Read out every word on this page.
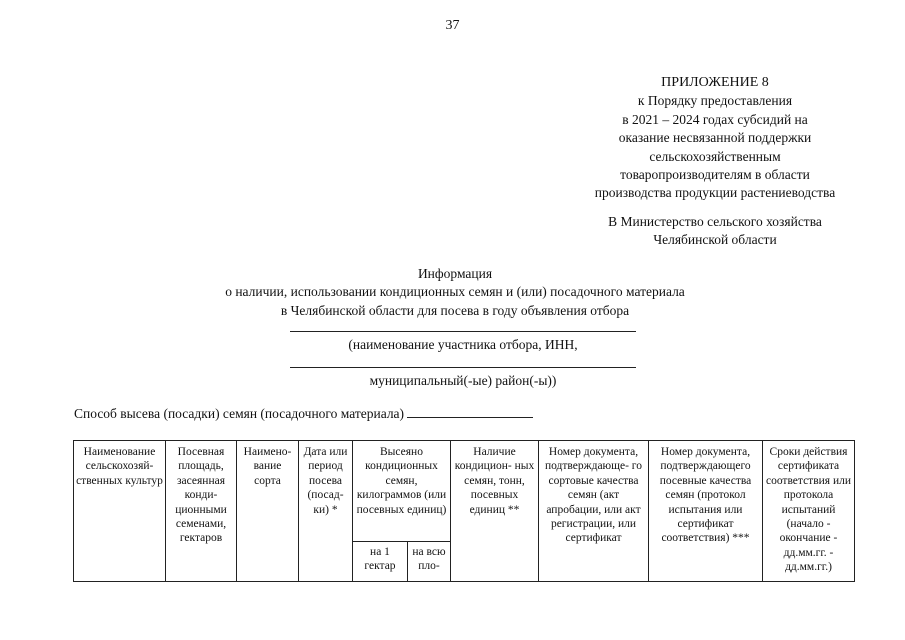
37
ПРИЛОЖЕНИЕ 8
к Порядку предоставления
в 2021 – 2024 годах субсидий на
оказание несвязанной поддержки
сельскохозяйственным
товаропроизводителям в области
производства продукции растениеводства
В Министерство сельского хозяйства
Челябинской области
Информация
о наличии, использовании кондиционных семян и (или) посадочного материала
в Челябинской области для посева в году объявления отбора
(наименование участника отбора, ИНН,
муниципальный(-ые) район(-ы))
Способ высева (посадки) семян (посадочного материала)
Наименование сельскохозяй- ственных культур	Посевная площадь, засеянная конди- ционными семенами, гектаров	Наимено- вание сорта	Дата или период посева (посад- ки) *	Высеяно кондиционных семян, килограммов (или посевных единиц)		Наличие кондицион- ных семян, тонн, посевных единиц **	Номер документа, подтверждающе- го сортовые качества семян (акт апробации, или акт регистрации, или сертификат	Номер документа, подтверждающего посевные качества семян (протокол испытания или сертификат соответствия) ***	Сроки действия сертификата соответствия или протокола испытаний (начало - окончание - дд.мм.гг. - дд.мм.гг.)
				на 1 гектар	на всю пло-				
